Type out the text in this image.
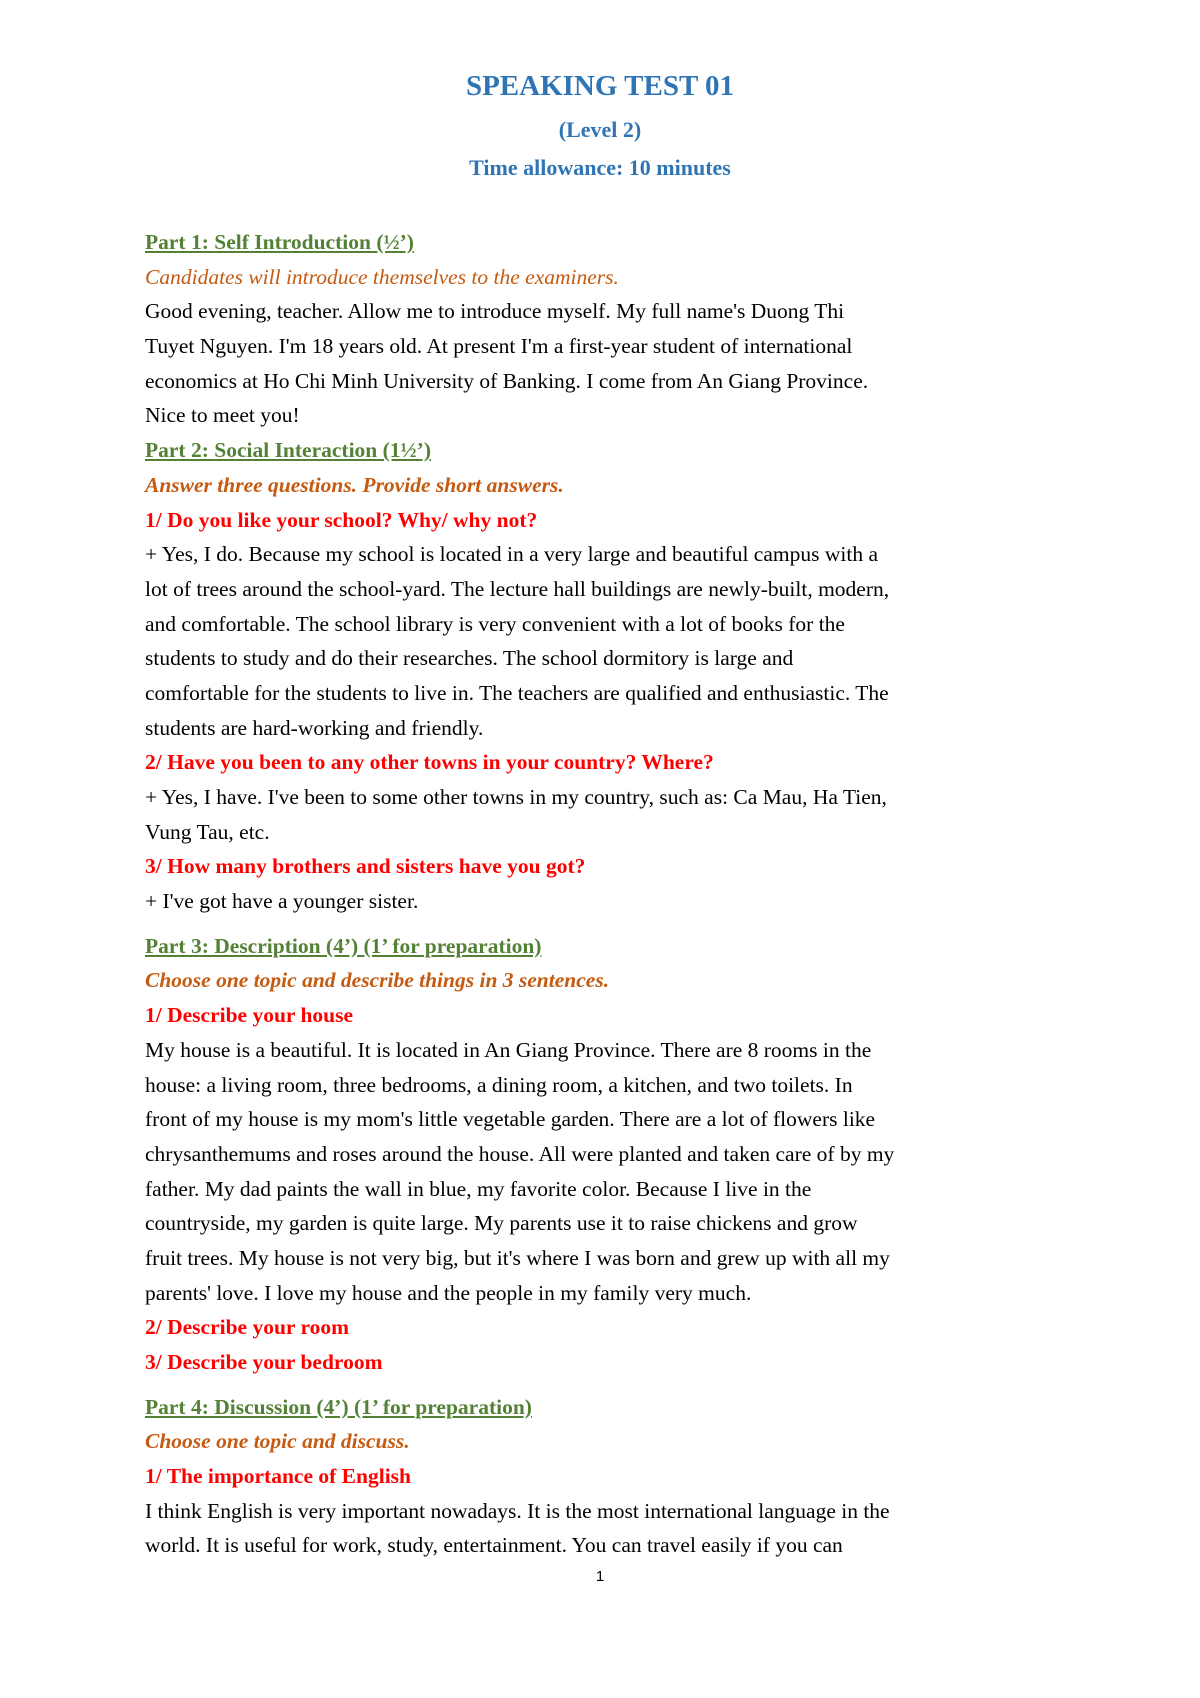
SPEAKING TEST 01
(Level 2)
Time allowance: 10 minutes
Part 1: Self Introduction (½’)
Candidates will introduce themselves to the examiners.
Good evening, teacher. Allow me to introduce myself. My full name's Duong Thi
Tuyet Nguyen. I'm 18 years old. At present I'm a first-year student of international
economics at Ho Chi Minh University of Banking. I come from An Giang Province.
Nice to meet you!
Part 2: Social Interaction (1½’)
Answer three questions. Provide short answers.
1/ Do you like your school? Why/ why not?
+ Yes, I do. Because my school is located in a very large and beautiful campus with a
lot of trees around the school-yard. The lecture hall buildings are newly-built, modern,
and comfortable. The school library is very convenient with a lot of books for the
students to study and do their researches. The school dormitory is large and
comfortable for the students to live in. The teachers are qualified and enthusiastic. The
students are hard-working and friendly.
2/ Have you been to any other towns in your country? Where?
+ Yes, I have. I've been to some other towns in my country, such as: Ca Mau, Ha Tien,
Vung Tau, etc.
3/ How many brothers and sisters have you got?
+ I've got have a younger sister.
Part 3: Description (4’) (1’ for preparation)
Choose one topic and describe things in 3 sentences.
1/ Describe your house
My house is a beautiful. It is located in An Giang Province. There are 8 rooms in the
house: a living room, three bedrooms, a dining room, a kitchen, and two toilets. In
front of my house is my mom's little vegetable garden. There are a lot of flowers like
chrysanthemums and roses around the house. All were planted and taken care of by my
father. My dad paints the wall in blue, my favorite color. Because I live in the
countryside, my garden is quite large. My parents use it to raise chickens and grow
fruit trees. My house is not very big, but it's where I was born and grew up with all my
parents' love. I love my house and the people in my family very much.
2/ Describe your room
3/ Describe your bedroom
Part 4: Discussion (4’) (1’ for preparation)
Choose one topic and discuss.
1/ The importance of English
I think English is very important nowadays. It is the most international language in the
world. It is useful for work, study, entertainment. You can travel easily if you can
1
